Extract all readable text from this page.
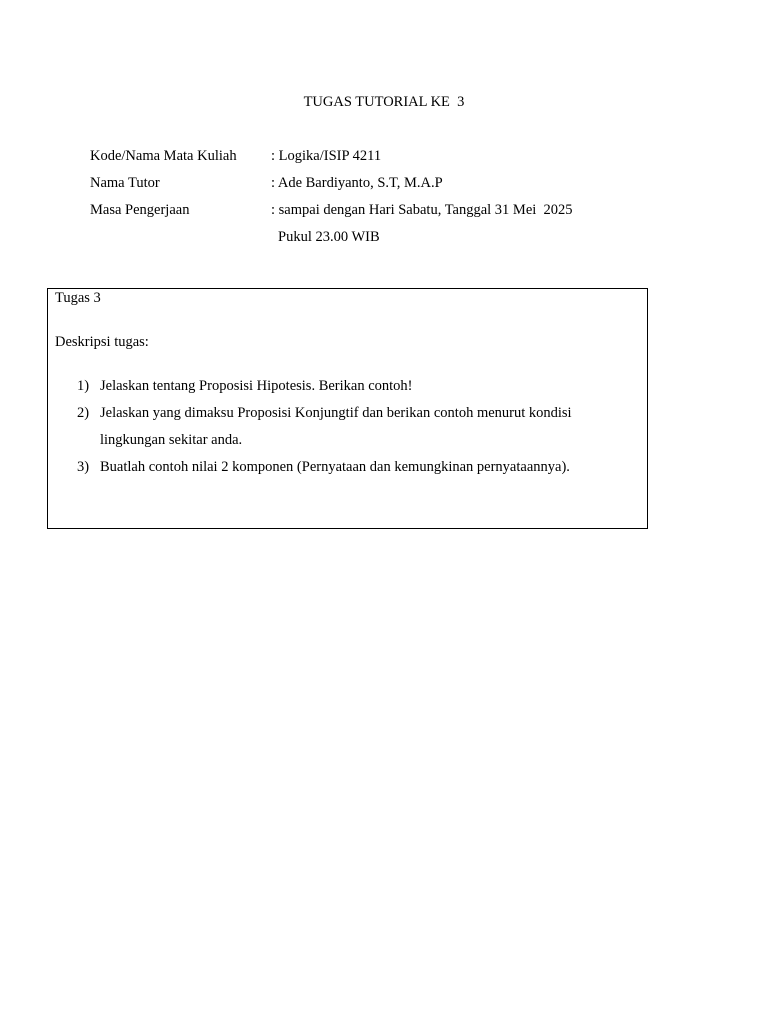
TUGAS TUTORIAL KE  3
Kode/Nama Mata Kuliah	: Logika/ISIP 4211
Nama Tutor	: Ade Bardiyanto, S.T, M.A.P
Masa Pengerjaan	: sampai dengan Hari Sabatu, Tanggal 31 Mei  2025
Pukul 23.00 WIB
Tugas 3
Deskripsi tugas:
1) Jelaskan tentang Proposisi Hipotesis. Berikan contoh!
2) Jelaskan yang dimaksu Proposisi Konjungtif dan berikan contoh menurut kondisi lingkungan sekitar anda.
3) Buatlah contoh nilai 2 komponen (Pernyataan dan kemungkinan pernyataannya).
